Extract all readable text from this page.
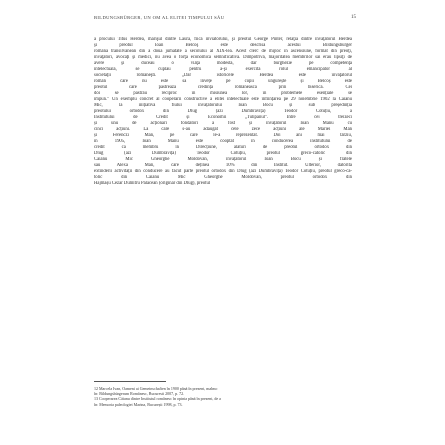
BILDUNGSBÜRGER, UN OM AL ELITEI TIMPULUI SĂU	15
a procului Titus Herdea, marişul dintre Laura, fiica inviatorului, şi preotul George Pinter, relaţia dintre învăţătorul Herdea
şi preotul Ioan Belcoş este descrisă acestui Bildungsbürger
româna transilvanean din a doua jumătate a secolului al XIX-lea. Acest clerc de mijloc în ascensiune, format din preoţi,
învăţători, avocaţi şi medici, nu avea o forţă economică semnificativă. Dimpotrivă, majoritatea membrilor săi erau lipsiţi de
avere şi duceau o viaţă modestă, dar burghezie pe competenţa
intelectuală, se cuplau pentru a-şi exercita rolul emancipator al
societăţii româneşti. „Dar istoricele Herdea este învăţătorul
român care nu este să învețe pe copii ungurește și Belcoș este
preotul care păstrează credința românească prin biserică. Cei
doi se păstrau reciproc în misiunea lor, în problemele esențiale se
impun.” Un exemplu concret al cooperării constructive a elitei intelectuale este înființarea pe 29 noiembrie 1902 la Căianu
Mic, la inițiativa fiului învățătorului Ioan Bocu și sub președinția
preotului ortodox din Dlug (azi Dumbrăvița) Teodor Cotuțiu, a
Institutului de Credit și Economii „Tulipanul”. Între cei treizeci
și unu de acționari fondatori a fost și învățătorul Ioan Manu cu
cinci acțiuni. La care s-au adăugat cele zece acțiuni ale Mariei Man
și Ferenczi Man, pe care le-a reprezentat. Doi ani mai târziu,
în 1905, Ioan Manu este cooptat în conducerea institutului de
credit ca membru în Direcțiune, alături de preotul ortodox din
Dlug (azi Dumbrăvița) Teodor Cotuțiu, preotul greco-catolic din
Căianu Mic Gheorghe Moldovan, învățătorul Ioan Bocu și fratele
său Alexa Man, care deținea 10% din Institut. Ulterior, datorită
extinderii activității din conducere au făcut parte preotul ortodox din Dlug (azi Dumbrăvița) Teodor Cotuțiu, preotul greco-ca-
tolic din Căianu Mic Gheorghe Moldovan, preotul ortodox din
Hăjmașu Cezar Dumitru Pălăcean (originar din Dlug), preotul
12 Marcela Ivan, Oameni ai Gemeinschaften în 1900 până în prezent, malmo
în: Bildungsbürgerum Românesc, Bucuresti 2007, p. 72.
13 Cooperarea Căianu dintre Institutul românesc în opinia până în prezent, de a
în: Memoria paleologiei Marina, București 1998, p. 73.
